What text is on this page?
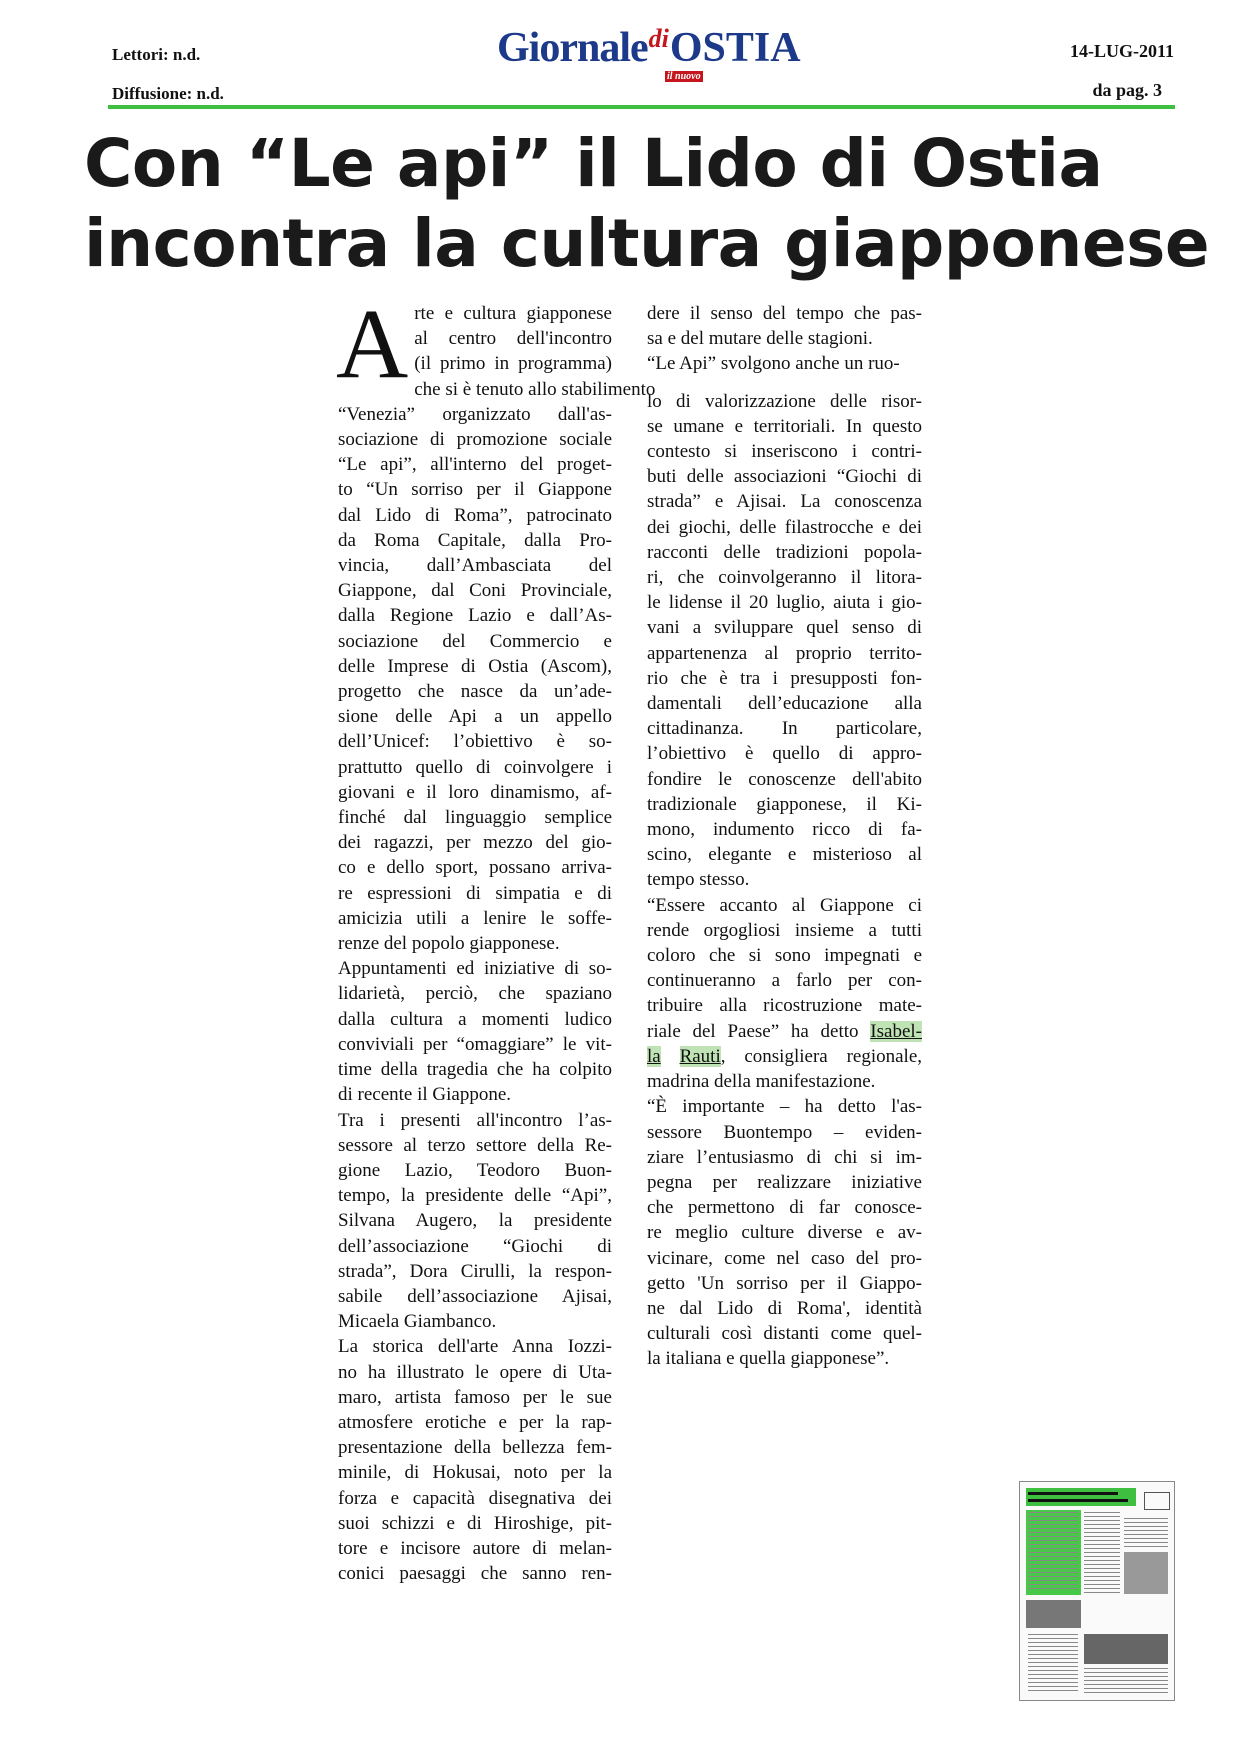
Lettori: n.d.
Diffusione: n.d.
GiornalediOSTIA
il nuovo
14-LUG-2011
da pag. 3
Con “Le api” il Lido di Ostia
incontra la cultura giapponese
A rte e cultura giapponese
al centro dell'incontro
(il primo in programma)
che si è tenuto allo stabilimento
“Venezia” organizzato dall'as-
sociazione di promozione sociale
“Le api”, all'interno del proget-
to “Un sorriso per il Giappone
dal Lido di Roma”, patrocinato
da Roma Capitale, dalla Pro-
vincia, dall’Ambasciata del
Giappone, dal Coni Provinciale,
dalla Regione Lazio e dall’As-
sociazione del Commercio e
delle Imprese di Ostia (Ascom),
progetto che nasce da un’ade-
sione delle Api a un appello
dell’Unicef: l’obiettivo è so-
prattutto quello di coinvolgere i
giovani e il loro dinamismo, af-
finché dal linguaggio semplice
dei ragazzi, per mezzo del gio-
co e dello sport, possano arriva-
re espressioni di simpatia e di
amicizia utili a lenire le soffe-
renze del popolo giapponese.
Appuntamenti ed iniziative di so-
lidarietà, perciò, che spaziano
dalla cultura a momenti ludico
conviviali per “omaggiare” le vit-
time della tragedia che ha colpito
di recente il Giappone.
Tra i presenti all'incontro l’as-
sessore al terzo settore della Re-
gione Lazio, Teodoro Buon-
tempo, la presidente delle “Api”,
Silvana Augero, la presidente
dell’associazione “Giochi di
strada”, Dora Cirulli, la respon-
sabile dell’associazione Ajisai,
Micaela Giambanco.
La storica dell'arte Anna Iozzi-
no ha illustrato le opere di Uta-
maro, artista famoso per le sue
atmosfere erotiche e per la rap-
presentazione della bellezza fem-
minile, di Hokusai, noto per la
forza e capacità disegnativa dei
suoi schizzi e di Hiroshige, pit-
tore e incisore autore di melan-
conici paesaggi che sanno ren-
dere il senso del tempo che pas-
sa e del mutare delle stagioni.
“Le Api” svolgono anche un ruo-
lo di valorizzazione delle risor-
se umane e territoriali. In questo
contesto si inseriscono i contri-
buti delle associazioni “Giochi di
strada” e Ajisai. La conoscenza
dei giochi, delle filastrocche e dei
racconti delle tradizioni popola-
ri, che coinvolgeranno il litora-
le lidense il 20 luglio, aiuta i gio-
vani a sviluppare quel senso di
appartenenza al proprio territo-
rio che è tra i presupposti fon-
damentali dell’educazione alla
cittadinanza. In particolare,
l’obiettivo è quello di appro-
fondire le conoscenze dell'abito
tradizionale giapponese, il Ki-
mono, indumento ricco di fa-
scino, elegante e misterioso al
tempo stesso.
“Essere accanto al Giappone ci
rende orgogliosi insieme a tutti
coloro che si sono impegnati e
continueranno a farlo per con-
tribuire alla ricostruzione mate-
riale del Paese” ha detto Isabel-
la Rauti, consigliera regionale,
madrina della manifestazione.
“È importante – ha detto l'as-
sessore Buontempo – eviden-
ziare l’entusiasmo di chi si im-
pegna per realizzare iniziative
che permettono di far conosce-
re meglio culture diverse e av-
vicinare, come nel caso del pro-
getto 'Un sorriso per il Giappo-
ne dal Lido di Roma', identità
culturali così distanti come quel-
la italiana e quella giapponese”.
